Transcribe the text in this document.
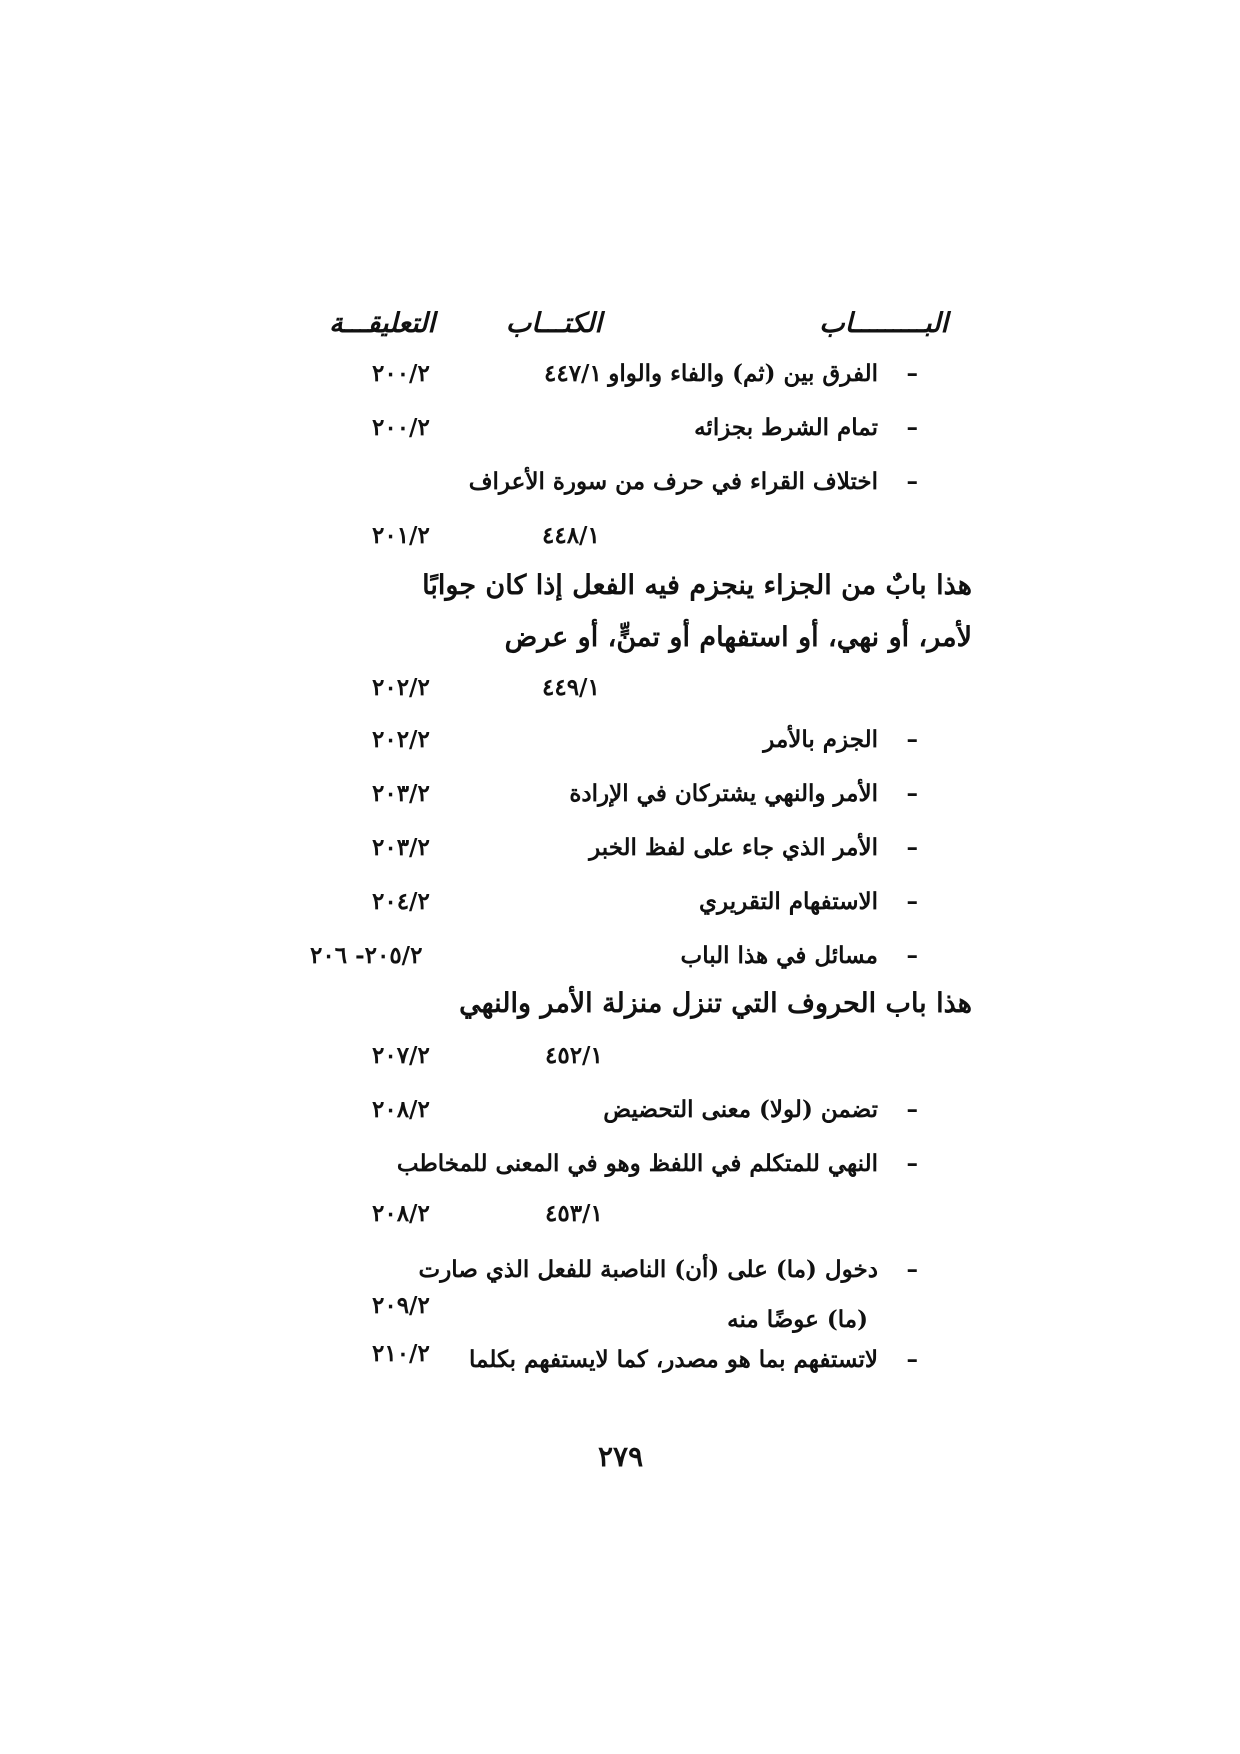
البـــــــــاب
الكتـــاب
التعليقـــة
–
الفرق بين (ثم) والفاء والواو
٤٤٧/١
٢٠٠/٢
–
تمام الشرط بجزائه
٢٠٠/٢
–
اختلاف القراء في حرف من سورة الأعراف
٤٤٨/١
٢٠١/٢
هذا بابٌ من الجزاء ينجزم فيه الفعل إذا كان جوابًا
لأمر، أو نهي، أو استفهام أو تمنٍّ، أو عرض
٤٤٩/١
٢٠٢/٢
–
الجزم بالأمر
٢٠٢/٢
–
الأمر والنهي يشتركان في الإرادة
٢٠٣/٢
–
الأمر الذي جاء على لفظ الخبر
٢٠٣/٢
–
الاستفهام التقريري
٢٠٤/٢
–
مسائل في هذا الباب
٢٠٥/٢- ٢٠٦
هذا باب الحروف التي تنزل منزلة الأمر والنهي
٤٥٢/١
٢٠٧/٢
–
تضمن (لولا) معنى التحضيض
٢٠٨/٢
–
النهي للمتكلم في اللفظ وهو في المعنى للمخاطب
٤٥٣/١
٢٠٨/٢
–
دخول (ما) على (أن) الناصبة للفعل الذي صارت
(ما) عوضًا منه
٢٠٩/٢
–
لاتستفهم بما هو مصدر، كما لايستفهم بكلما
٢١٠/٢
٢٧٩
